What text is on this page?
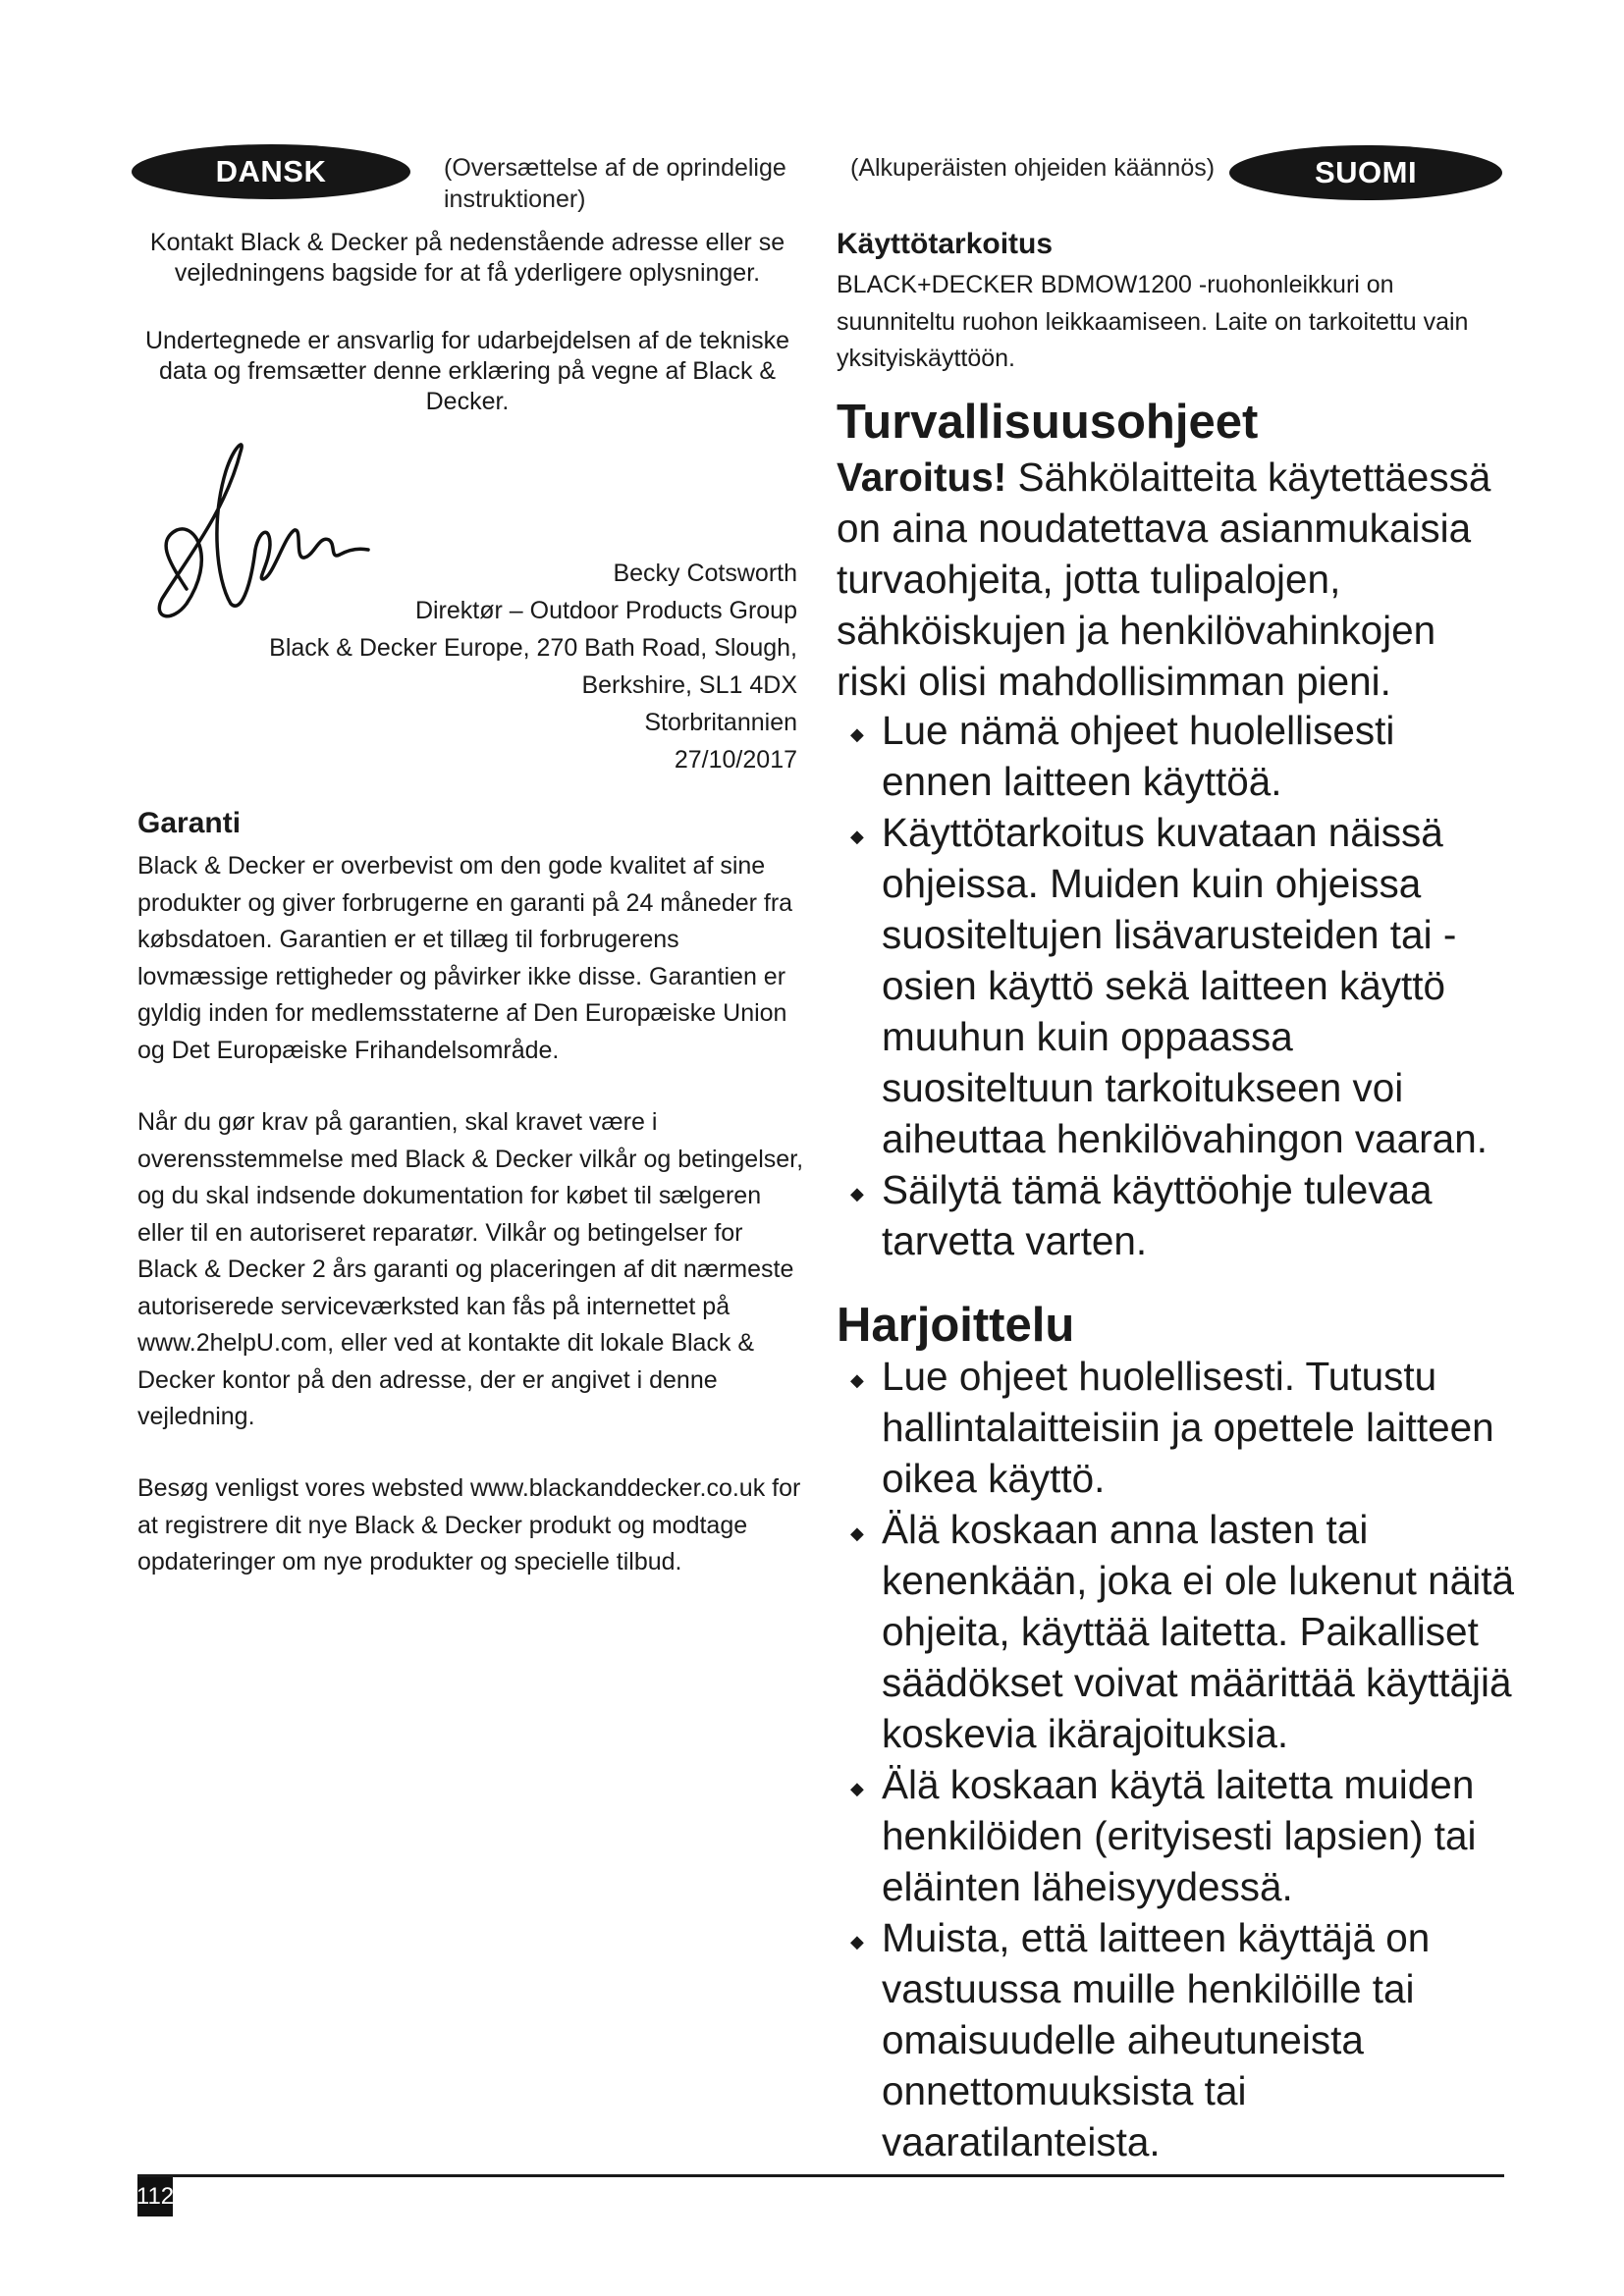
DANSK	(Oversættelse af de oprindelige instruktioner)
(Alkuperäisten ohjeiden käännös)	SUOMI

Kontakt Black & Decker på nedenstående adresse eller se vejledningens bagside for at få yderligere oplysninger.

Undertegnede er ansvarlig for udarbejdelsen af de tekniske data og fremsætter denne erklæring på vegne af Black & Decker.

Becky Cotsworth

Direktør – Outdoor Products Group

Black & Decker Europe, 270 Bath Road, Slough,

Berkshire, SL1 4DX

Storbritannien

27/10/2017

Garanti

Black & Decker er overbevist om den gode kvalitet af sine produkter og giver forbrugerne en garanti på 24 måneder fra købsdatoen. Garantien er et tillæg til forbrugerens lovmæssige rettigheder og påvirker ikke disse. Garantien er gyldig inden for medlemsstaterne af Den Europæiske Union og Det Europæiske Frihandelsområde.

Når du gør krav på garantien, skal kravet være i overensstemmelse med Black & Decker vilkår og betingelser, og du skal indsende dokumentation for købet til sælgeren eller til en autoriseret reparatør. Vilkår og betingelser for Black & Decker 2 års garanti og placeringen af dit nærmeste autoriserede serviceværksted kan fås på internettet på www.2helpU.com, eller ved at kontakte dit lokale Black & Decker kontor på den adresse, der er angivet i denne vejledning.

Besøg venligst vores websted www.blackanddecker.co.uk for at registrere dit nye Black & Decker produkt og modtage opdateringer om nye produkter og specielle tilbud.

Käyttötarkoitus

BLACK+DECKER BDMOW1200 -ruohonleikkuri on suunniteltu ruohon leikkaamiseen. Laite on tarkoitettu vain yksityiskäyttöön.

Turvallisuusohjeet

Varoitus! Sähkölaitteita käytettäessä on aina noudatettava asianmukaisia turvaohjeita, jotta tulipalojen, sähköiskujen ja henkilövahinkojen riski olisi mahdollisimman pieni.

◆ Lue nämä ohjeet huolellisesti ennen laitteen käyttöä.
◆ Käyttötarkoitus kuvataan näissä ohjeissa. Muiden kuin ohjeissa suositeltujen lisävarusteiden tai -osien käyttö sekä laitteen käyttö muuhun kuin oppaassa suositeltuun tarkoitukseen voi aiheuttaa henkilövahingon vaaran.
◆ Säilytä tämä käyttöohje tulevaa tarvetta varten.
Harjoittelu
◆ Lue ohjeet huolellisesti. Tutustu hallintalaitteisiin ja opettele laitteen oikea käyttö.
◆ Älä koskaan anna lasten tai kenenkään, joka ei ole lukenut näitä ohjeita, käyttää laitetta. Paikalliset säädökset voivat määrittää käyttäjiä koskevia ikärajoituksia.
◆ Älä koskaan käytä laitetta muiden henkilöiden (erityisesti lapsien) tai eläinten läheisyydessä.
◆ Muista, että laitteen käyttäjä on vastuussa muille henkilöille tai omaisuudelle aiheutuneista onnettomuuksista tai vaaratilanteista.
112
